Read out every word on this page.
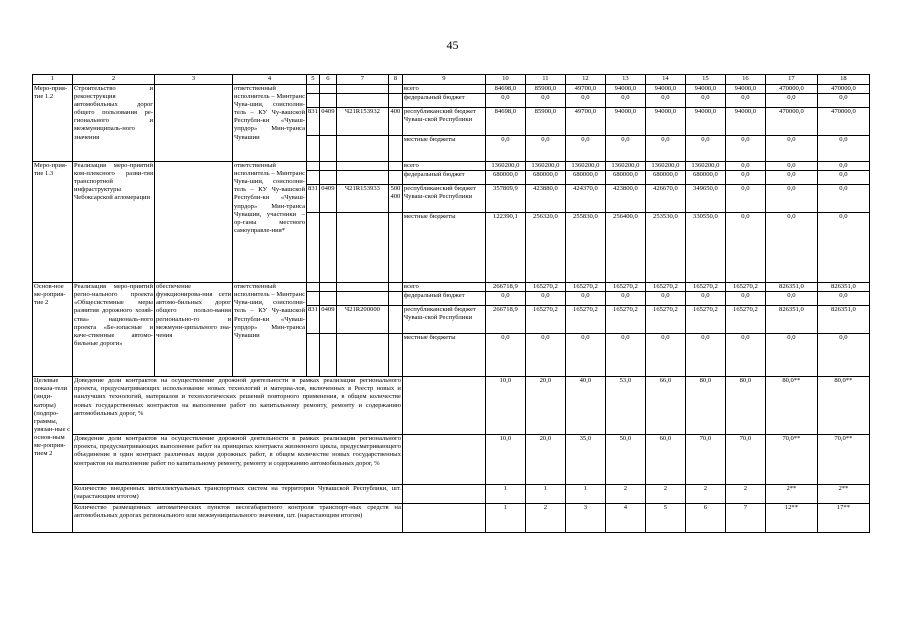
45
1	2	3	4	5	6	7	8	9	10	11	12	13	14	15	16	17	18
Меро-прия-тие 1.2	Строительство и реконструкция автомобильных дорог общего пользования ре-гионального и межмуниципаль-ного значения		ответственный исполнитель – Минтранс Чува-шии, соисполни-тель – КУ Чу-вашской Республи-ки «Чуваш-упрдор» Мин-транса Чувашии					всего	84698,0	85900,0	49700,0	94000,0	94000,0	94000,0	94000,0	470000,0	470000,0
								федеральный бюджет	0,0	0,0	0,0	0,0	0,0	0,0	0,0	0,0	0,0
				831	0409	Ч21R153932	400	республиканский бюджет Чуваш-ской Республики	84698,0	85900,0	49700,0	94000,0	94000,0	94000,0	94000,0	470000,0	470000,0
								местные бюджеты	0,0	0,0	0,0	0,0	0,0	0,0	0,0	0,0	0,0
Меро-прия-тие 1.3	Реализация меро-приятий ком-плексного разви-тия транспортной инфраструктуры Чебоксарской агломерации		ответственный исполнитель – Минтранс Чува-шии, соисполни-тель – КУ Чу-вашской Республи-ки «Чуваш-упрдор» Мин-транса Чувашии, участники – ор-ганы местного самоуправле-ния*					всего	1360200,0	1360200,0	1360200,0	1360200,0	1360200,0	1360200,0	0,0	0,0	0,0
								федеральный бюджет	680000,0	680000,0	680000,0	680000,0	680000,0	680000,0	0,0	0,0	0,0
				831	0409	Ч21R153933	500 400	республиканский бюджет Чуваш-ской Республики	357809,9	423880,0	424370,0	423800,0	426670,0	349650,0	0,0	0,0	0,0
								местные бюджеты	122390,1	256320,0	255830,0	256400,0	253530,0	330550,0	0,0	0,0	0,0
Основ-ное ме-роприя-тие 2	Реализация меро-приятий регио-нального проекта «Общесистемные меры развития дорожного хозяй-ства» националь-ного проекта «Бе-зопасные и каче-ственные автомо-бильные дороги»	обеспечение функционирова-ния сети автомо-бильных дорог общего пользо-вания регионально-го и межмуни-ципального зна-чения	ответственный исполнитель – Минтранс Чува-шии, соисполни-тель – КУ Чу-вашской Республи-ки «Чуваш-упрдор» Мин-транса Чувашии					всего	266718,9	165270,2	165270,2	165270,2	165270,2	165270,2	165270,2	826351,0	826351,0
								федеральный бюджет	0,0	0,0	0,0	0,0	0,0	0,0	0,0	0,0	0,0
				831	0409	Ч21R200000		республиканский бюджет Чуваш-ской Республики	266718,9	165270,2	165270,2	165270,2	165270,2	165270,2	165270,2	826351,0	826351,0
								местные бюджеты	0,0	0,0	0,0	0,0	0,0	0,0	0,0	0,0	0,0
Целевые показа-тели (инди-каторы) (подпро-граммы, увязан-ные с основ-ным ме-роприя-тием 2	Доведение доли контрактов на осуществление дорожной деятельности в рамках реализации регионального проекта, предусматривающих использование новых технологий и материа-лов, включенных в Реестр новых и наилучших технологий, материалов и технологических решений повторного применения, в общем количестве новых государственных контрактов на выполнение работ по капитальному ремонту, ремонту и содержанию автомобильных дорог, %								10,0	20,0	40,0	53,0	66,0	80,0	80,0	80,0**	80,0**
	Доведение доли контрактов на осуществление дорожной деятельности в рамках реализации регионального проекта, предусматривающих выполнение работ на принципах контракта жизненного цикла, предусматривающего объединение в один контракт различных видов дорожных работ, в общем количестве новых государственных контрактов на выполнение работ по капитальному ремонту, ремонту и содержанию автомобильных дорог, %								10,0	20,0	35,0	50,0	60,0	70,0	70,0	70,0**	70,0**
	Количество внедренных интеллектуальных транспортных систем на территории Чувашской Республики, шт. (нарастающим итогом)								1	1	1	2	2	2	2	2**	2**
	Количество размещенных автоматических пунктов весогабаритного контроля транспорт-ных средств на автомобильных дорогах регионального или межмуниципального значения, шт. (нарастающим итогом)								1	2	3	4	5	6	7	12**	17**
